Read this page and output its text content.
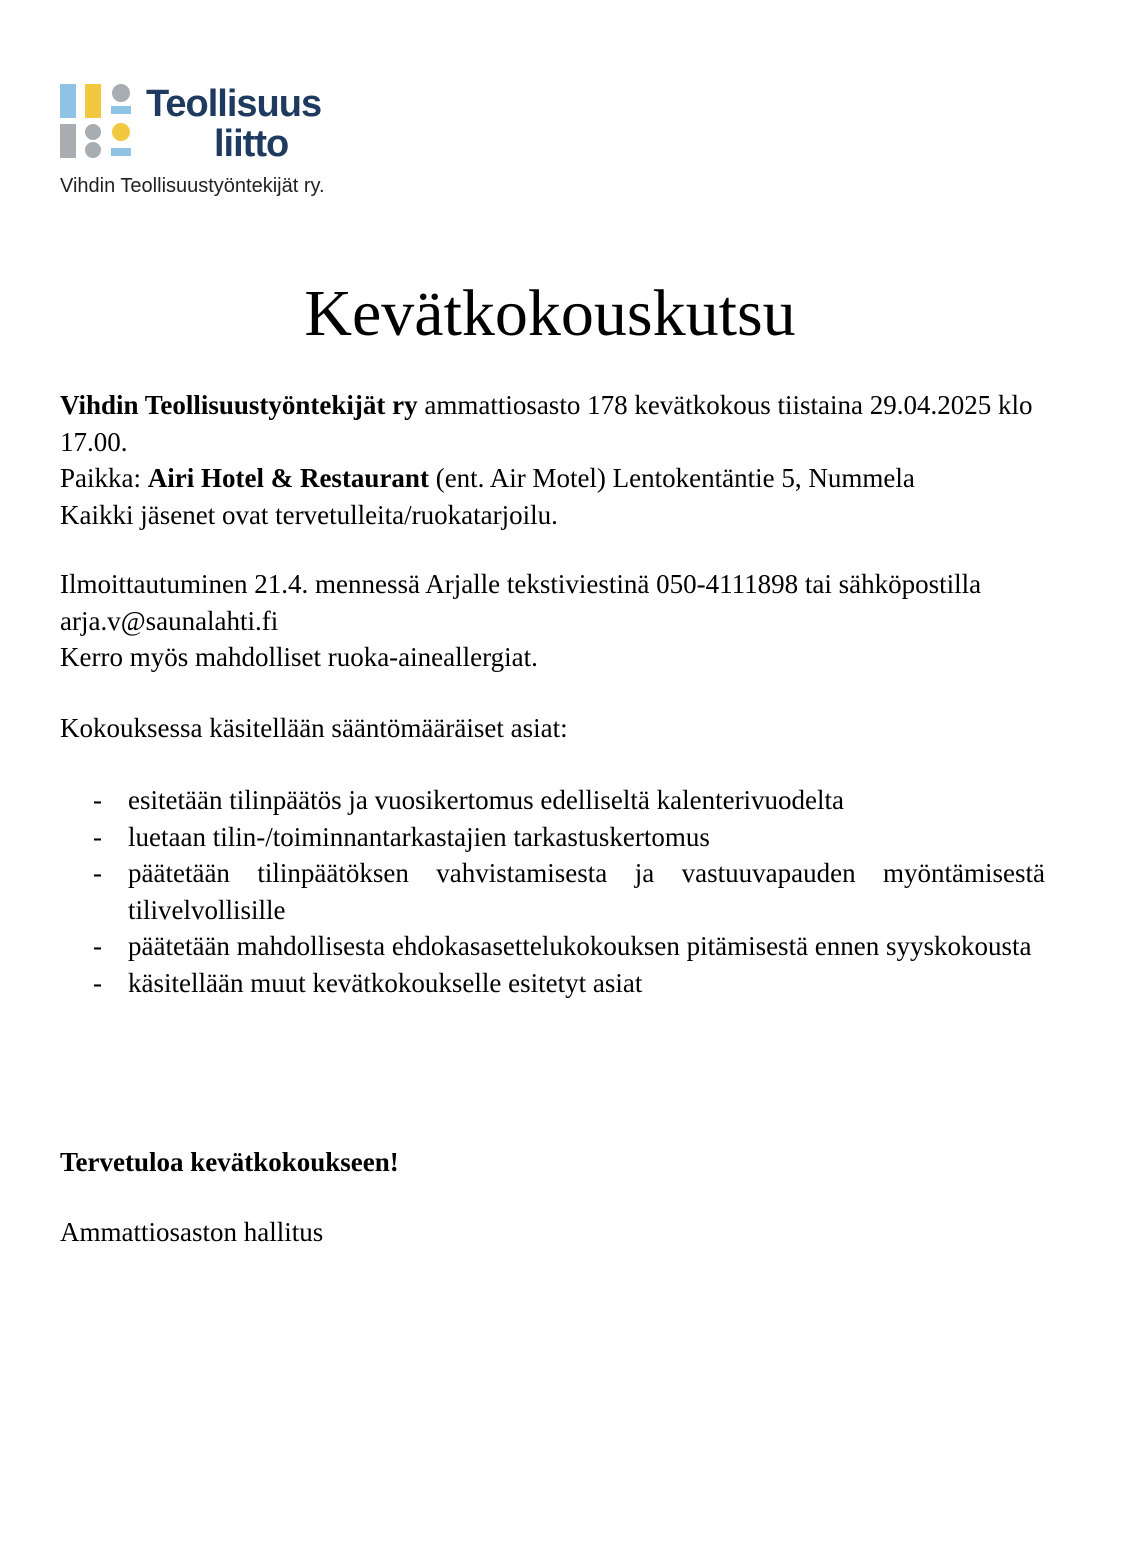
Teollisuus
liitto
Vihdin Teollisuustyöntekijät ry.
Kevätkokouskutsu
Vihdin Teollisuustyöntekijät ry ammattiosasto 178 kevätkokous tiistaina 29.04.2025 klo 17.00.
Paikka: Airi Hotel & Restaurant (ent. Air Motel) Lentokentäntie 5, Nummela
Kaikki jäsenet ovat tervetulleita/ruokatarjoilu.
Ilmoittautuminen 21.4. mennessä Arjalle tekstiviestinä 050-4111898 tai sähköpostilla arja.v@saunalahti.fi
Kerro myös mahdolliset ruoka-aineallergiat.
Kokouksessa käsitellään sääntömääräiset asiat:
- esitetään tilinpäätös ja vuosikertomus edelliseltä kalenterivuodelta
- luetaan tilin-/toiminnantarkastajien tarkastuskertomus
- päätetään tilinpäätöksen vahvistamisesta ja vastuuvapauden myöntämisestä tilivelvollisille
- päätetään mahdollisesta ehdokasasettelukokouksen pitämisestä ennen syyskokousta
- käsitellään muut kevätkokoukselle esitetyt asiat
Tervetuloa kevätkokoukseen!
Ammattiosaston hallitus
